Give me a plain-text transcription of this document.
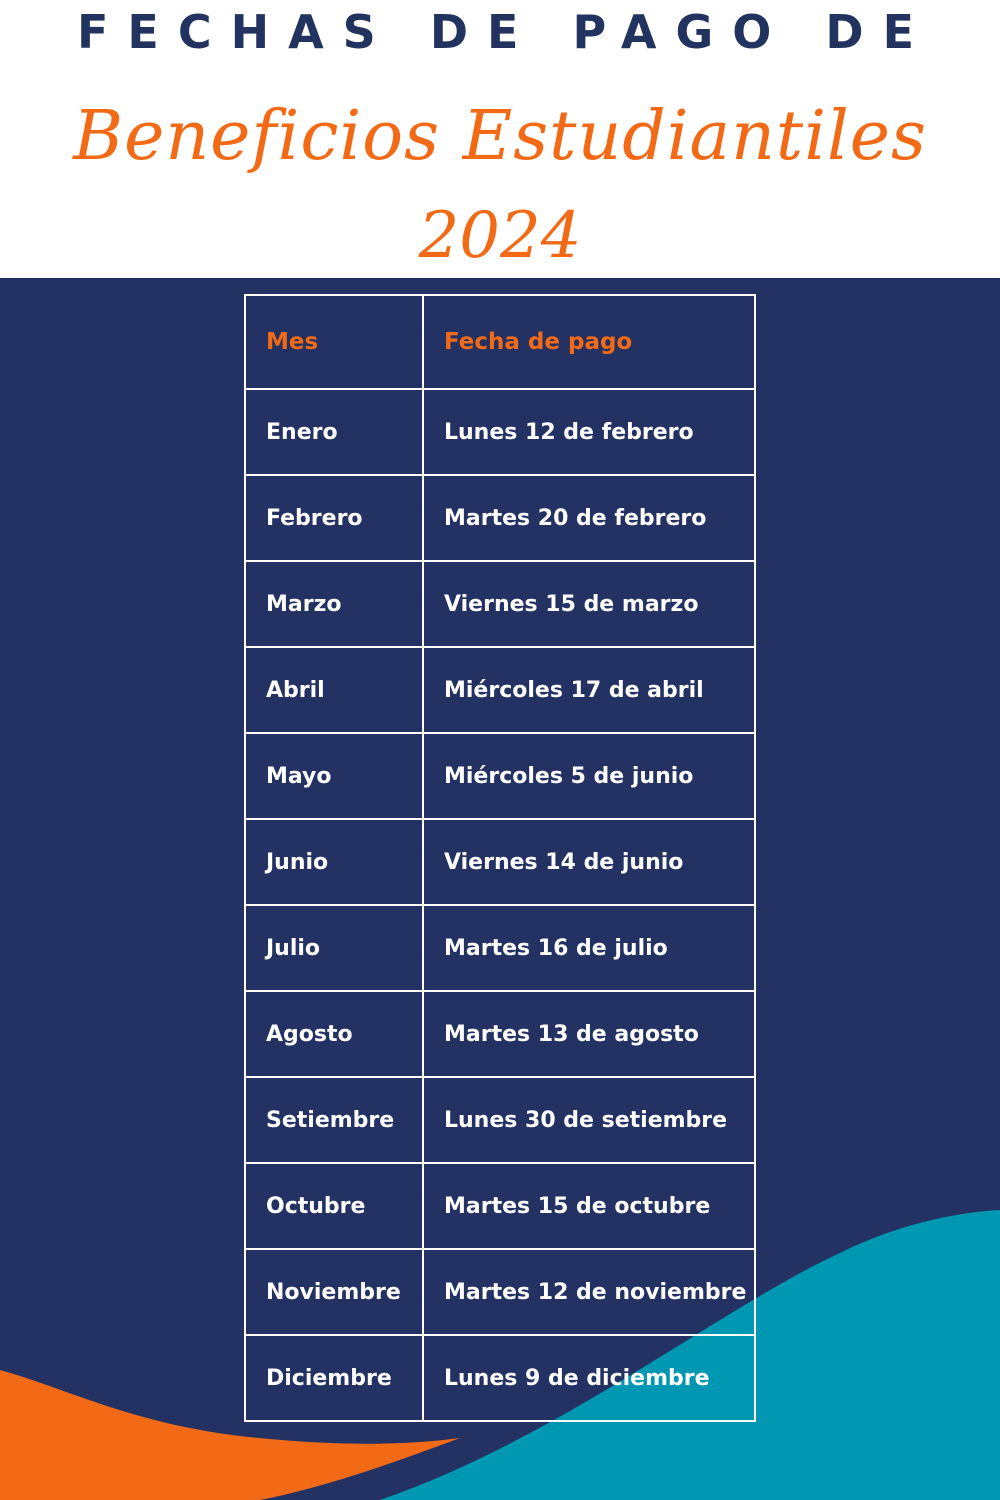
FECHAS DE PAGO DE
Beneficios Estudiantiles
2024
Mes	Fecha de pago
Enero	Lunes 12 de febrero
Febrero	Martes 20 de febrero
Marzo	Viernes 15 de marzo
Abril	Miércoles 17 de abril
Mayo	Miércoles 5 de junio
Junio	Viernes 14 de junio
Julio	Martes 16 de julio
Agosto	Martes 13 de agosto
Setiembre	Lunes 30 de setiembre
Octubre	Martes 15 de octubre
Noviembre	Martes 12 de noviembre
Diciembre	Lunes 9 de diciembre
